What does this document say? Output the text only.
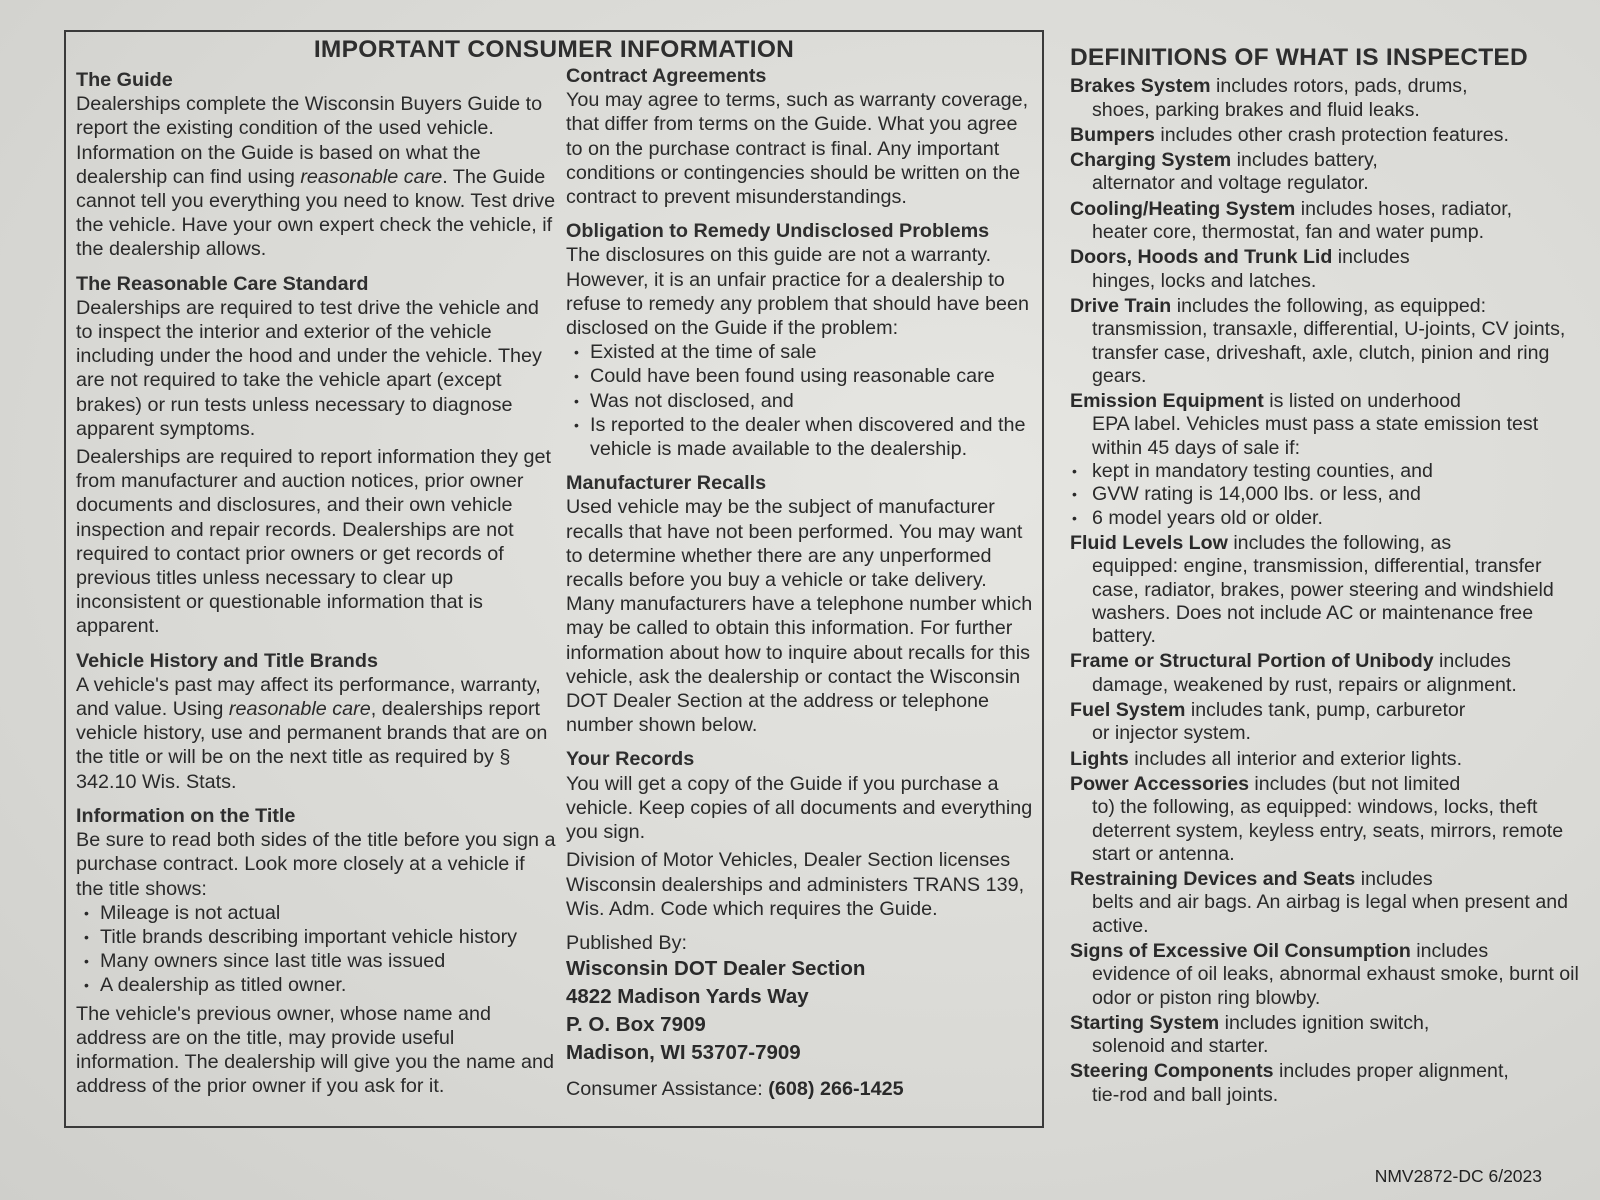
IMPORTANT CONSUMER INFORMATION
The Guide

Dealerships complete the Wisconsin Buyers Guide to report the existing condition of the used vehicle. Information on the Guide is based on what the dealership can find using reasonable care. The Guide cannot tell you everything you need to know. Test drive the vehicle. Have your own expert check the vehicle, if the dealership allows.

The Reasonable Care Standard

Dealerships are required to test drive the vehicle and to inspect the interior and exterior of the vehicle including under the hood and under the vehicle. They are not required to take the vehicle apart (except brakes) or run tests unless necessary to diagnose apparent symptoms.

Dealerships are required to report information they get from manufacturer and auction notices, prior owner documents and disclosures, and their own vehicle inspection and repair records. Dealerships are not required to contact prior owners or get records of previous titles unless necessary to clear up inconsistent or questionable information that is apparent.

Vehicle History and Title Brands

A vehicle's past may affect its performance, warranty, and value. Using reasonable care, dealerships report vehicle history, use and permanent brands that are on the title or will be on the next title as required by § 342.10 Wis. Stats.

Information on the Title

Be sure to read both sides of the title before you sign a purchase contract. Look more closely at a vehicle if the title shows:

• Mileage is not actual
• Title brands describing important vehicle history
• Many owners since last title was issued
• A dealership as titled owner.

The vehicle's previous owner, whose name and address are on the title, may provide useful information. The dealership will give you the name and address of the prior owner if you ask for it.

Contract Agreements

You may agree to terms, such as warranty coverage, that differ from terms on the Guide. What you agree to on the purchase contract is final. Any important conditions or contingencies should be written on the contract to prevent misunderstandings.

Obligation to Remedy Undisclosed Problems

The disclosures on this guide are not a warranty. However, it is an unfair practice for a dealership to refuse to remedy any problem that should have been disclosed on the Guide if the problem:

• Existed at the time of sale
• Could have been found using reasonable care
• Was not disclosed, and
• Is reported to the dealer when discovered and the vehicle is made available to the dealership.
Manufacturer Recalls

Used vehicle may be the subject of manufacturer recalls that have not been performed. You may want to determine whether there are any unperformed recalls before you buy a vehicle or take delivery. Many manufacturers have a telephone number which may be called to obtain this information. For further information about how to inquire about recalls for this vehicle, ask the dealership or contact the Wisconsin DOT Dealer Section at the address or telephone number shown below.

Your Records

You will get a copy of the Guide if you purchase a vehicle. Keep copies of all documents and everything you sign.

Division of Motor Vehicles, Dealer Section licenses Wisconsin dealerships and administers TRANS 139, Wis. Adm. Code which requires the Guide.

Published By:

Wisconsin DOT Dealer Section
4822 Madison Yards Way
P. O. Box 7909
Madison, WI 53707-7909

Consumer Assistance: (608) 266-1425

DEFINITIONS OF WHAT IS INSPECTED
Brakes System includes rotors, pads, drums,
shoes, parking brakes and fluid leaks.
Bumpers includes other crash protection features.
Charging System includes battery,
alternator and voltage regulator.
Cooling/Heating System includes hoses, radiator,
heater core, thermostat, fan and water pump.
Doors, Hoods and Trunk Lid includes
hinges, locks and latches.
Drive Train includes the following, as equipped:
transmission, transaxle, differential, U-joints, CV joints, transfer case, driveshaft, axle, clutch, pinion and ring gears.
Emission Equipment is listed on underhood
EPA label. Vehicles must pass a state emission test within 45 days of sale if:
• kept in mandatory testing counties, and
• GVW rating is 14,000 lbs. or less, and
• 6 model years old or older.
Fluid Levels Low includes the following, as
equipped: engine, transmission, differential, transfer case, radiator, brakes, power steering and windshield washers. Does not include AC or maintenance free battery.
Frame or Structural Portion of Unibody includes
damage, weakened by rust, repairs or alignment.
Fuel System includes tank, pump, carburetor
or injector system.
Lights includes all interior and exterior lights.
Power Accessories includes (but not limited
to) the following, as equipped: windows, locks, theft deterrent system, keyless entry, seats, mirrors, remote start or antenna.
Restraining Devices and Seats includes
belts and air bags. An airbag is legal when present and active.
Signs of Excessive Oil Consumption includes
evidence of oil leaks, abnormal exhaust smoke, burnt oil odor or piston ring blowby.
Starting System includes ignition switch,
solenoid and starter.
Steering Components includes proper alignment,
tie-rod and ball joints.
NMV2872-DC 6/2023
